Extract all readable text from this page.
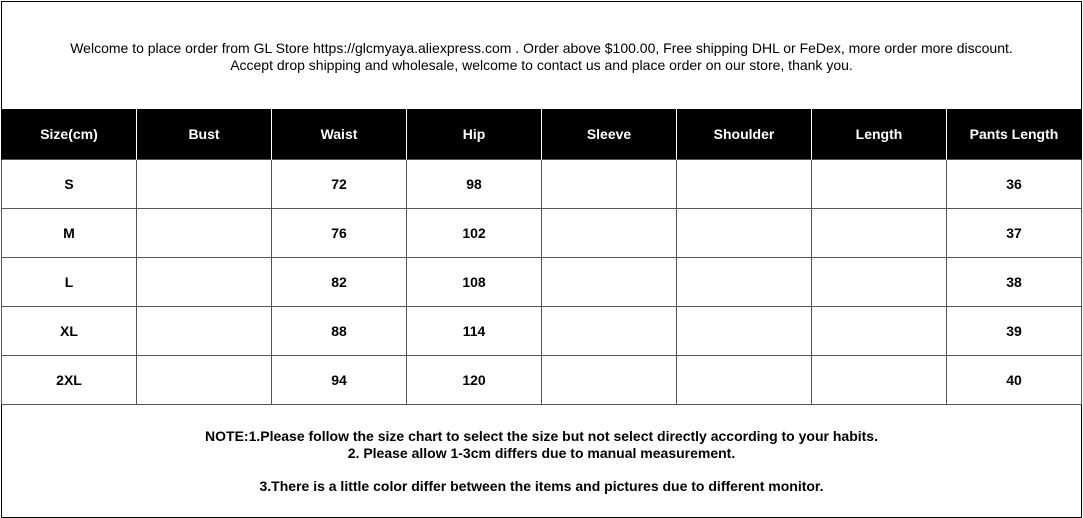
Welcome to place order from GL Store https://glcmyaya.aliexpress.com . Order above $100.00, Free shipping DHL or FeDex, more order more discount.
Accept drop shipping and wholesale, welcome to contact us and place order on our store, thank you.
Size(cm)	Bust	Waist	Hip	Sleeve	Shoulder	Length	Pants Length
S		72	98				36
M		76	102				37
L		82	108				38
XL		88	114				39
2XL		94	120				40
NOTE:1.Please follow the size chart to select the size but not select directly according to your habits.
2. Please allow 1-3cm differs due to manual measurement.
3.There is a little color differ between the items and pictures due to different monitor.
